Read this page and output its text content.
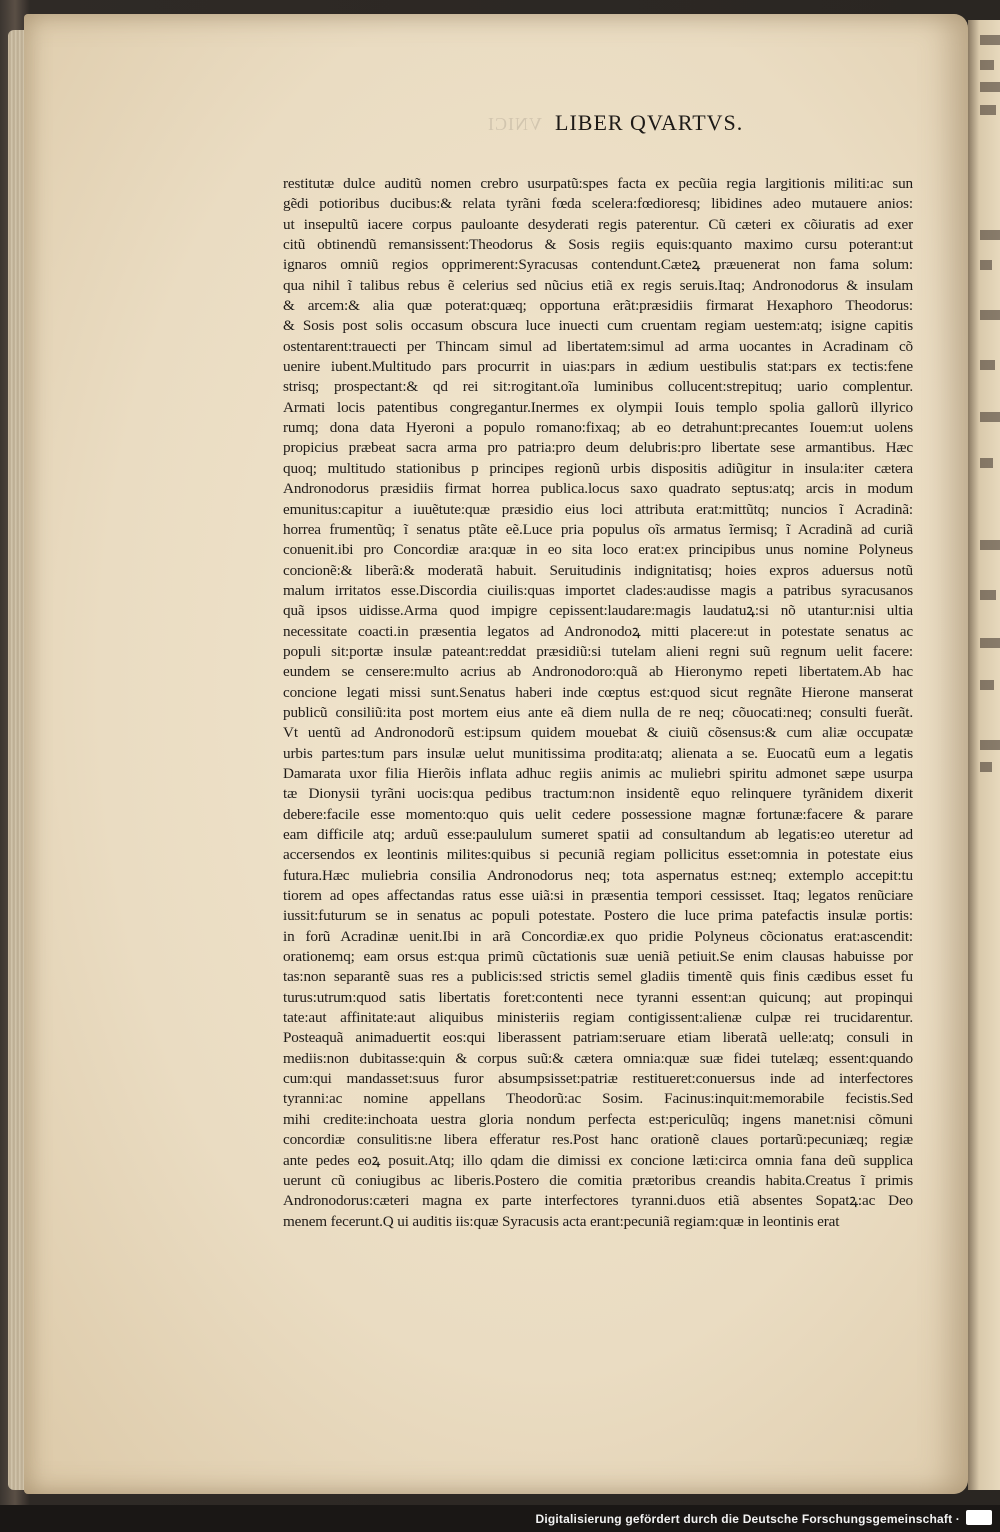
VNICI LIBER QVARTVS.
restitutæ dulce auditũ nomen crebro usurpatũ:spes facta ex pecũia regia largitionis militi:ac sun
gẽdi potioribus ducibus:& relata tyrãni fœda scelera:fœdioresq; libidines adeo mutauere anios:
ut insepultũ iacere corpus pauloante desyderati regis paterentur. Cũ cæteri ex cõiuratis ad exer
citũ obtinendũ remansissent:Theodorus & Sosis regiis equis:quanto maximo cursu poterant:ut
ignaros omniũ regios opprimerent:Syracusas contendunt.Cæteꝝ præuenerat non fama solum:
qua nihil ĩ talibus rebus ẽ celerius sed nũcius etiã ex regis seruis.Itaq; Andronodorus & insulam
& arcem:& alia quæ poterat:quæq; opportuna erãt:præsidiis firmarat Hexaphoro Theodorus:
& Sosis post solis occasum obscura luce inuecti cum cruentam regiam uestem:atq; isigne capitis
ostentarent:trauecti per Thincam simul ad libertatem:simul ad arma uocantes in Acradinam cõ
uenire iubent.Multitudo pars procurrit in uias:pars in ædium uestibulis stat:pars ex tectis:fene
strisq; prospectant:& qd rei sit:rogitant.oĩa luminibus collucent:strepituq; uario complentur.
Armati locis patentibus congregantur.Inermes ex olympii Iouis templo spolia gallorũ illyrico
rumq; dona data Hyeroni a populo romano:fixaq; ab eo detrahunt:precantes Iouem:ut uolens
propicius præbeat sacra arma pro patria:pro deum delubris:pro libertate sese armantibus. Hæc
quoq; multitudo stationibus p principes regionũ urbis dispositis adiũgitur in insula:iter cætera
Andronodorus præsidiis firmat horrea publica.locus saxo quadrato septus:atq; arcis in modum
emunitus:capitur a iuuẽtute:quæ præsidio eius loci attributa erat:mittũtq; nuncios ĩ Acradinã:
horrea frumentũq; ĩ senatus ptãte eẽ.Luce pria populus oĩs armatus ĩermisq; ĩ Acradinã ad curiã
conuenit.ibi pro Concordiæ ara:quæ in eo sita loco erat:ex principibus unus nomine Polyneus
concionẽ:& liberã:& moderatã habuit. Seruitudinis indignitatisq; hoies expros aduersus notũ
malum irritatos esse.Discordia ciuilis:quas importet clades:audisse magis a patribus syracusanos
quã ipsos uidisse.Arma quod impigre cepissent:laudare:magis laudatuꝝ:si nõ utantur:nisi ultia
necessitate coacti.in præsentia legatos ad Andronodoꝝ mitti placere:ut in potestate senatus ac
populi sit:portæ insulæ pateant:reddat præsidiũ:si tutelam alieni regni suũ regnum uelit facere:
eundem se censere:multo acrius ab Andronodoro:quã ab Hieronymo repeti libertatem.Ab hac
concione legati missi sunt.Senatus haberi inde cœptus est:quod sicut regnãte Hierone manserat
publicũ consiliũ:ita post mortem eius ante eã diem nulla de re neq; cõuocati:neq; consulti fuerãt.
Vt uentũ ad Andronodorũ est:ipsum quidem mouebat & ciuiũ cõsensus:& cum aliæ occupatæ
urbis partes:tum pars insulæ uelut munitissima prodita:atq; alienata a se. Euocatũ eum a legatis
Damarata uxor filia Hierõis inflata adhuc regiis animis ac muliebri spiritu admonet sæpe usurpa
tæ Dionysii tyrãni uocis:qua pedibus tractum:non insidentẽ equo relinquere tyrãnidem dixerit
debere:facile esse momento:quo quis uelit cedere possessione magnæ fortunæ:facere & parare
eam difficile atq; arduũ esse:paululum sumeret spatii ad consultandum ab legatis:eo uteretur ad
accersendos ex leontinis milites:quibus si pecuniã regiam pollicitus esset:omnia in potestate eius
futura.Hæc muliebria consilia Andronodorus neq; tota aspernatus est:neq; extemplo accepit:tu
tiorem ad opes affectandas ratus esse uiã:si in præsentia tempori cessisset. Itaq; legatos renũciare
iussit:futurum se in senatus ac populi potestate. Postero die luce prima patefactis insulæ portis:
in forũ Acradinæ uenit.Ibi in arã Concordiæ.ex quo pridie Polyneus cõcionatus erat:ascendit:
orationemq; eam orsus est:qua primũ cũctationis suæ ueniã petiuit.Se enim clausas habuisse por
tas:non separantẽ suas res a publicis:sed strictis semel gladiis timentẽ quis finis cædibus esset fu
turus:utrum:quod satis libertatis foret:contenti nece tyranni essent:an quicunq; aut propinqui
tate:aut affinitate:aut aliquibus ministeriis regiam contigissent:alienæ culpæ rei trucidarentur.
Posteaquã animaduertit eos:qui liberassent patriam:seruare etiam liberatã uelle:atq; consuli in
mediis:non dubitasse:quin & corpus suũ:& cætera omnia:quæ suæ fidei tutelæq; essent:quando
cum:qui mandasset:suus furor absumpsisset:patriæ restitueret:conuersus inde ad interfectores
tyranni:ac nomine appellans Theodorũ:ac Sosim. Facinus:inquit:memorabile fecistis.Sed
mihi credite:inchoata uestra gloria nondum perfecta est:periculũq; ingens manet:nisi cõmuni
concordiæ consulitis:ne libera efferatur res.Post hanc orationẽ claues portarũ:pecuniæq; regiæ
ante pedes eoꝝ posuit.Atq; illo qdam die dimissi ex concione læti:circa omnia fana deũ supplica
uerunt cũ coniugibus ac liberis.Postero die comitia prætoribus creandis habita.Creatus ĩ primis
Andronodorus:cæteri magna ex parte interfectores tyranni.duos etiã absentes Sopatꝝ:ac Deo
menem fecerunt.Q ui auditis iis:quæ Syracusis acta erant:pecuniã regiam:quæ in leontinis erat
Digitalisierung gefördert durch die Deutsche Forschungsgemeinschaft ·
